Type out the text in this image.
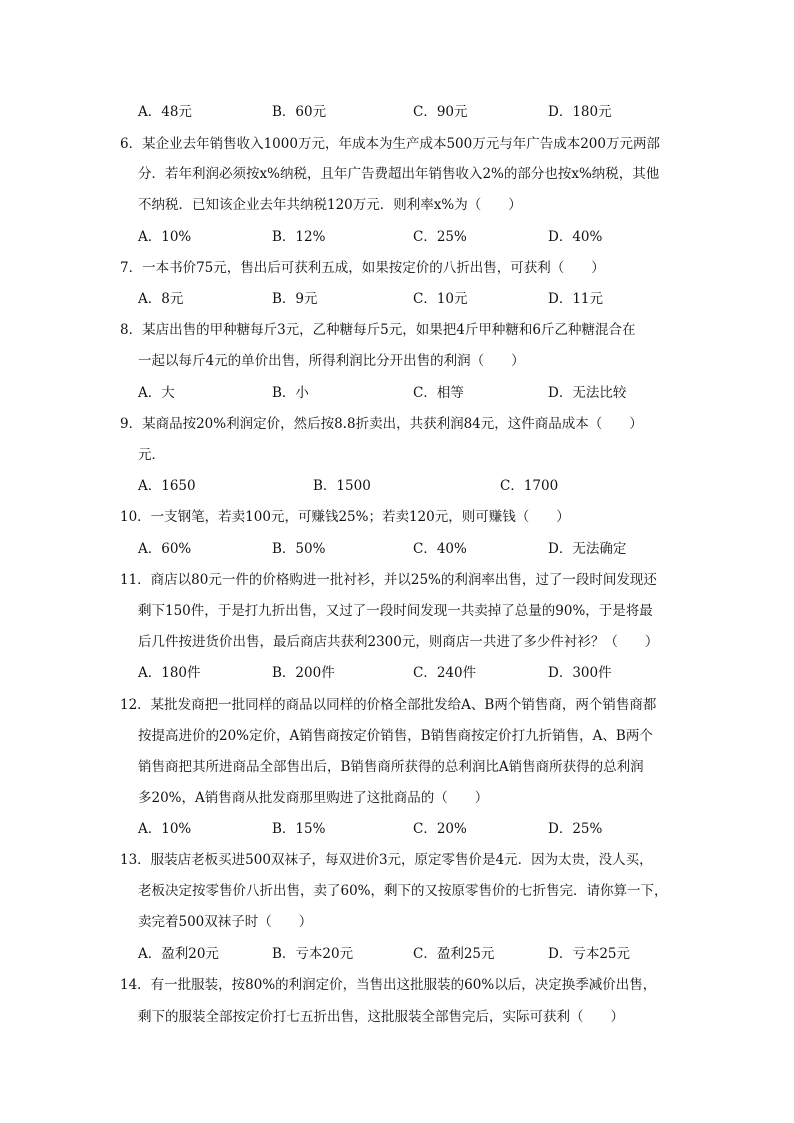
A．48元	B．60元	C．90元	D．180元
6．某企业去年销售收入1000万元，年成本为生产成本500万元与年广告成本200万元两部
分．若年利润必须按x%纳税，且年广告费超出年销售收入2%的部分也按x%纳税，其他
不纳税．已知该企业去年共纳税120万元．则利率x%为（　　）
A．10%	B．12%	C．25%	D．40%
7．一本书价75元，售出后可获利五成，如果按定价的八折出售，可获利（　　）
A．8元	B．9元	C．10元	D．11元
8．某店出售的甲种糖每斤3元，乙种糖每斤5元，如果把4斤甲种糖和6斤乙种糖混合在
一起以每斤4元的单价出售，所得利润比分开出售的利润（　　）
A．大	B．小	C．相等	D．无法比较
9．某商品按20%利润定价，然后按8.8折卖出，共获利润84元，这件商品成本（　　）
元．
A．1650	B．1500	C．1700
10．一支钢笔，若卖100元，可赚钱25%；若卖120元，则可赚钱（　　）
A．60%	B．50%	C．40%	D．无法确定
11．商店以80元一件的价格购进一批衬衫，并以25%的利润率出售，过了一段时间发现还
剩下150件，于是打九折出售，又过了一段时间发现一共卖掉了总量的90%，于是将最
后几件按进货价出售，最后商店共获利2300元，则商店一共进了多少件衬衫？（　　）
A．180件	B．200件	C．240件	D．300件
12．某批发商把一批同样的商品以同样的价格全部批发给A、B两个销售商，两个销售商都
按提高进价的20%定价，A销售商按定价销售，B销售商按定价打九折销售，A、B两个
销售商把其所进商品全部售出后，B销售商所获得的总利润比A销售商所获得的总利润
多20%，A销售商从批发商那里购进了这批商品的（　　）
A．10%	B．15%	C．20%	D．25%
13．服装店老板买进500双袜子，每双进价3元，原定零售价是4元．因为太贵，没人买，
老板决定按零售价八折出售，卖了60%，剩下的又按原零售价的七折售完．请你算一下，
卖完着500双袜子时（　　）
A．盈利20元	B．亏本20元	C．盈利25元	D．亏本25元
14．有一批服装，按80%的利润定价，当售出这批服装的60%以后，决定换季减价出售，
剩下的服装全部按定价打七五折出售，这批服装全部售完后，实际可获利（　　）
